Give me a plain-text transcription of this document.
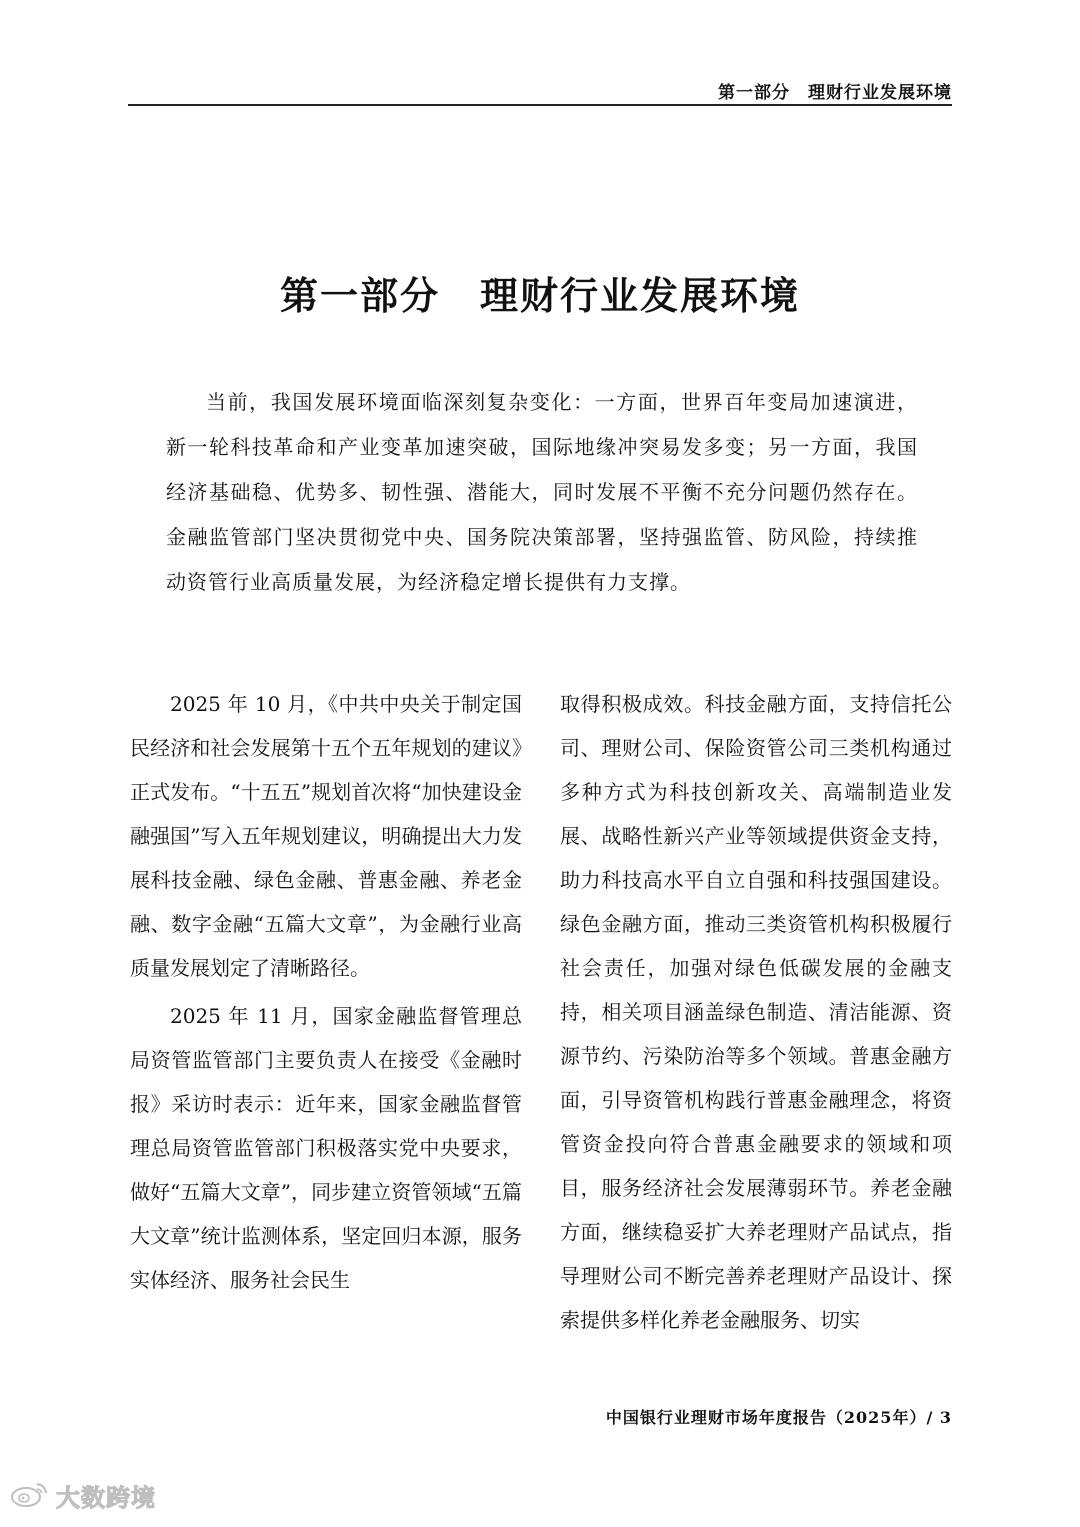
第一部分　理财行业发展环境
第一部分　理财行业发展环境

当前，我国发展环境面临深刻复杂变化：一方面，世界百年变局加速演进，新一轮科技革命和产业变革加速突破，国际地缘冲突易发多变；另一方面，我国经济基础稳、优势多、韧性强、潜能大，同时发展不平衡不充分问题仍然存在。金融监管部门坚决贯彻党中央、国务院决策部署，坚持强监管、防风险，持续推动资管行业高质量发展，为经济稳定增长提供有力支撑。

2025 年 10 月，《中共中央关于制定国民经济和社会发展第十五个五年规划的建议》正式发布。“十五五”规划首次将“加快建设金融强国”写入五年规划建议，明确提出大力发展科技金融、绿色金融、普惠金融、养老金融、数字金融“五篇大文章”，为金融行业高质量发展划定了清晰路径。

2025 年 11 月，国家金融监督管理总局资管监管部门主要负责人在接受《金融时报》采访时表示：近年来，国家金融监督管理总局资管监管部门积极落实党中央要求，做好“五篇大文章”，同步建立资管领域“五篇大文章”统计监测体系，坚定回归本源，服务实体经济、服务社会民生

取得积极成效。科技金融方面，支持信托公司、理财公司、保险资管公司三类机构通过多种方式为科技创新攻关、高端制造业发展、战略性新兴产业等领域提供资金支持，助力科技高水平自立自强和科技强国建设。绿色金融方面，推动三类资管机构积极履行社会责任，加强对绿色低碳发展的金融支持，相关项目涵盖绿色制造、清洁能源、资源节约、污染防治等多个领域。普惠金融方面，引导资管机构践行普惠金融理念，将资管资金投向符合普惠金融要求的领域和项目，服务经济社会发展薄弱环节。养老金融方面，继续稳妥扩大养老理财产品试点，指导理财公司不断完善养老理财产品设计、探索提供多样化养老金融服务、切实

中国银行业理财市场年度报告（2025年）/ 3
大数跨境
